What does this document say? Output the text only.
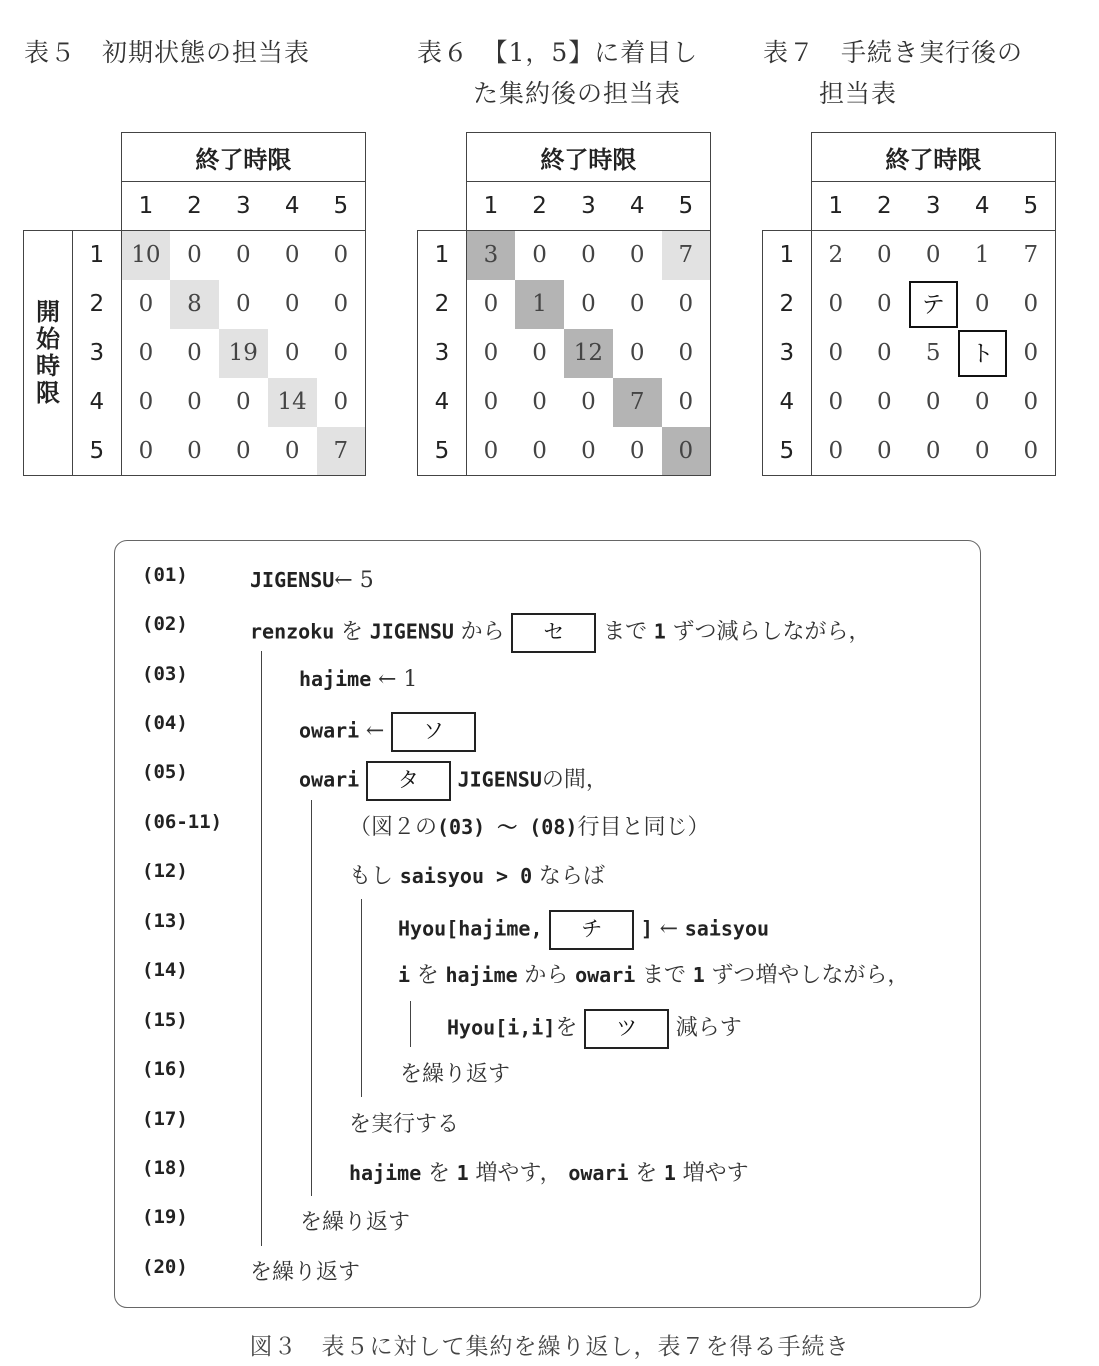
表５　初期状態の担当表	表６　【1，5】に着目し
た集約後の担当表
表７　手続き実行後の
担当表
		終了時限				
		1	2	3	4	5
開始時限	1	10	0	0	0	0
	2	0	8	0	0	0
	3	0	0	19	0	0
	4	0	0	0	14	0
	5	0	0	0	0	7
	終了時限				
	1	2	3	4	5
1	3	0	0	0	7
2	0	1	0	0	0
3	0	0	12	0	0
4	0	0	0	7	0
5	0	0	0	0	0
	終了時限				
	1	2	3	4	5
1	2	0	0	1	7
2	0	0	テ	0	0
3	0	0	5	ト	0
4	0	0	0	0	0
5	0	0	0	0	0
(01)	JIGENSU← 5
(02)	renzoku を JIGENSU から セ まで 1 ずつ減らしながら，
(03)	hajime ← 1
(04)	owari ← ソ
(05)	owari タ JIGENSUの間，
(06-11)	（図２の(03) ～ (08)行目と同じ）
(12)	もし saisyou > 0 ならば
(13)	Hyou[hajime, チ ] ← saisyou
(14)	i を hajime から owari まで 1 ずつ増やしながら，
(15)	Hyou[i,i]を ツ 減らす
(16)	を繰り返す
(17)	を実行する
(18)	hajime を 1 増やす， owari を 1 増やす
(19)	を繰り返す
(20)	を繰り返す
図３　表５に対して集約を繰り返し，表７を得る手続き
